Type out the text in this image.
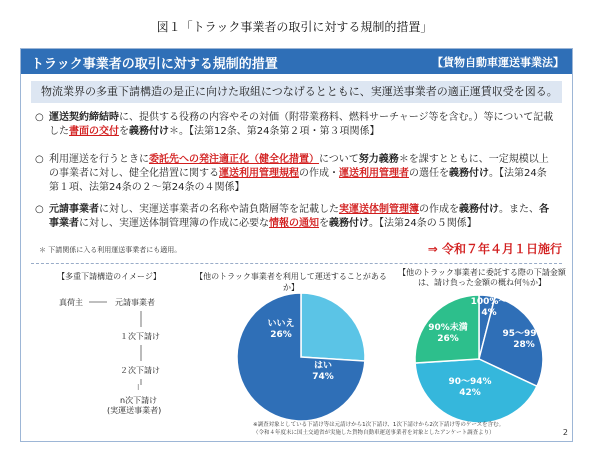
図１「トラック事業者の取引に対する規制的措置」
トラック事業者の取引に対する規制的措置	【貨物自動車運送事業法】
物流業界の多重下請構造の是正に向けた取組につなげるとともに、実運送事業者の適正運賃収受を図る。
○ 運送契約締結時に、提供する役務の内容やその対価（附帯業務料、燃料サーチャージ等を含む。）等について記載した書面の交付を義務付け＊。【法第12条、第24条第２項・第３項関係】
○ 利用運送を行うときに委託先への発注適正化（健全化措置）について努力義務＊を課すとともに、一定規模以上の事業者に対し、健全化措置に関する運送利用管理規程の作成・運送利用管理者の選任を義務付け。【法第24条第１項、法第24条の２～第24条の４関係】
○ 元請事業者に対し、実運送事業者の名称や請負階層等を記載した実運送体制管理簿の作成を義務付け。また、各事業者に対し、実運送体制管理簿の作成に必要な情報の通知を義務付け。【法第24条の５関係】
＊ 下請関係に入る利用運送事業者にも適用。	⇒ 令和７年４月１日施行
【多重下請構造のイメージ】
真荷主	元請事業者
１次下請け
２次下請け
⁝
n次下請け
(実運送事業者)
【他のトラック事業者を利用して運送することがあるか】
いいえ
26%
はい
74%
【他のトラック事業者に委託する際の下請金額は、請け負った金額の概ね何％か】
100%～
4%
95～99%
28%
90～94%
42%
90%未満
26%
※調査対象としている下請け等は元請けから1次下請け、1次下請けから2次下請け等のケースを含む。
（令和４年度末に国土交通省が実施した貨物自動車運送事業者を対象としたアンケート調査より）	2
